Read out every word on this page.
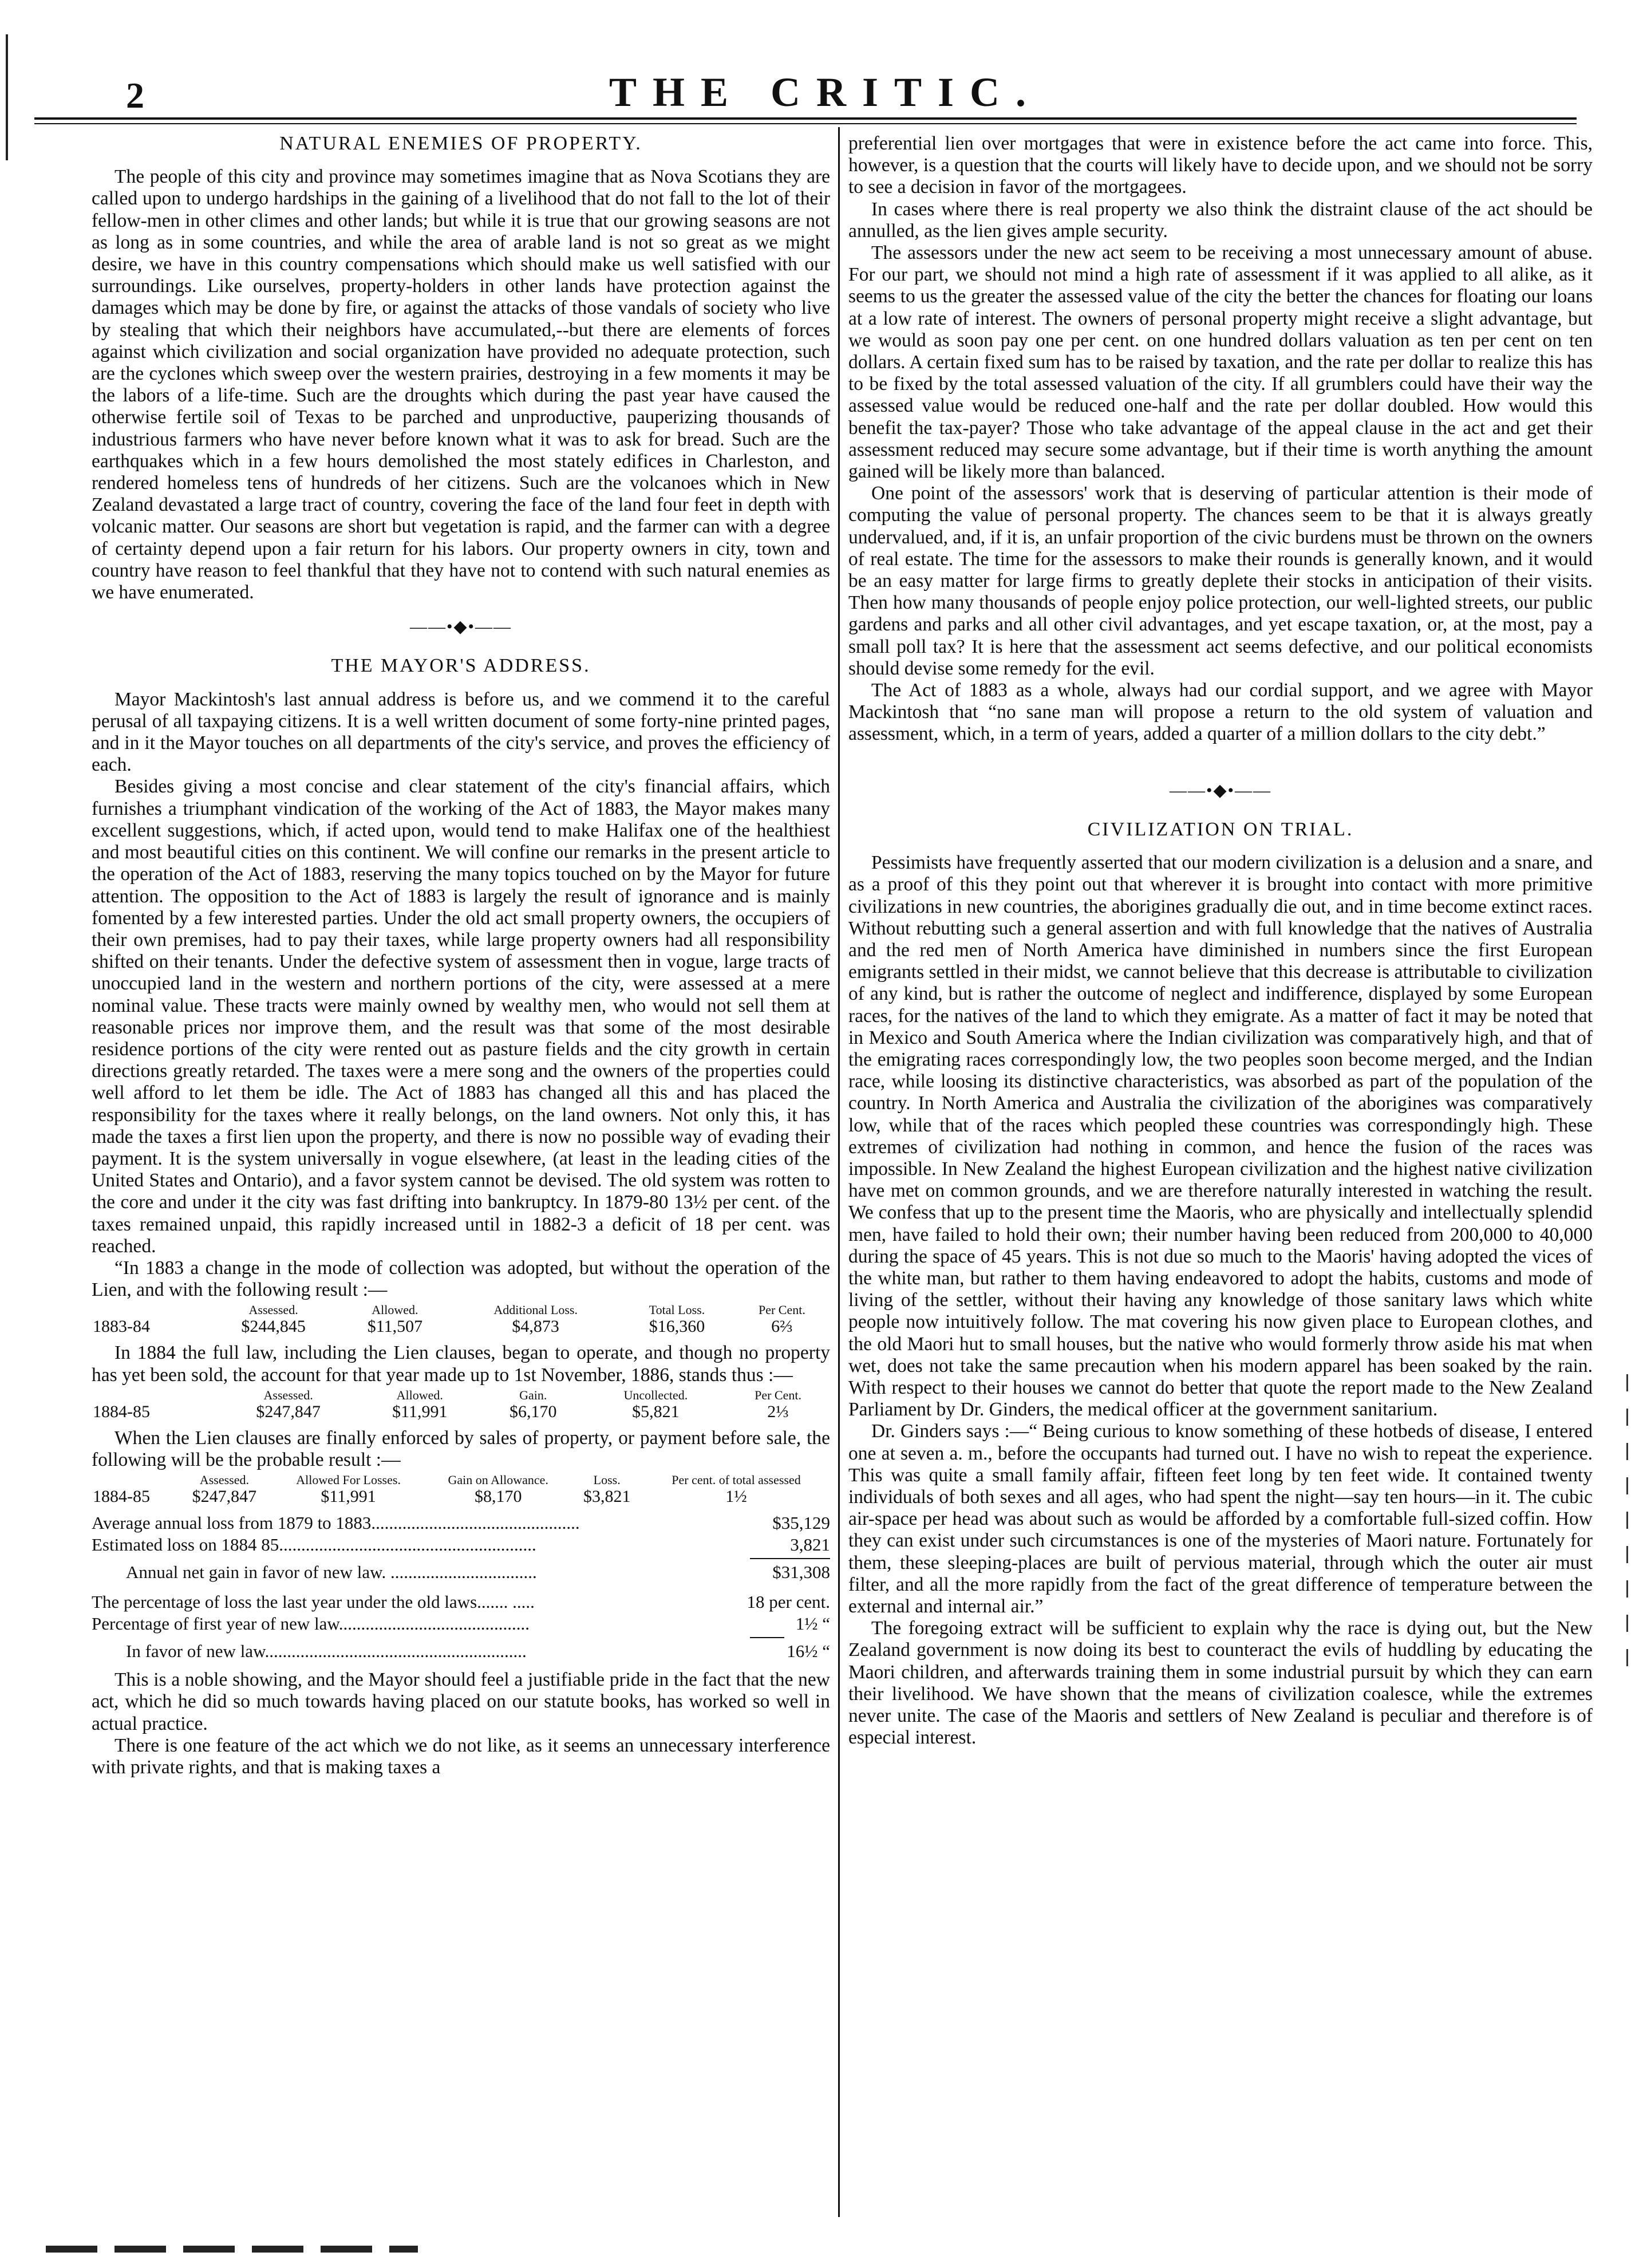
2	THE CRITIC.
NATURAL ENEMIES OF PROPERTY.

The people of this city and province may sometimes imagine that as Nova Scotians they are called upon to undergo hardships in the gaining of a livelihood that do not fall to the lot of their fellow-men in other climes and other lands; but while it is true that our growing seasons are not as long as in some countries, and while the area of arable land is not so great as we might desire, we have in this country compensations which should make us well satisfied with our surroundings. Like ourselves, property-holders in other lands have protection against the damages which may be done by fire, or against the attacks of those vandals of society who live by stealing that which their neighbors have accumulated,--but there are elements of forces against which civilization and social organization have provided no adequate protection, such are the cyclones which sweep over the western prairies, destroying in a few moments it may be the labors of a life-time. Such are the droughts which during the past year have caused the otherwise fertile soil of Texas to be parched and unproductive, pauperizing thousands of industrious farmers who have never before known what it was to ask for bread. Such are the earthquakes which in a few hours demolished the most stately edifices in Charleston, and rendered homeless tens of hundreds of her citizens. Such are the volcanoes which in New Zealand devastated a large tract of country, covering the face of the land four feet in depth with volcanic matter. Our seasons are short but vegetation is rapid, and the farmer can with a degree of certainty depend upon a fair return for his labors. Our property owners in city, town and country have reason to feel thankful that they have not to contend with such natural enemies as we have enumerated.

——•◆•——
THE MAYOR'S ADDRESS.

Mayor Mackintosh's last annual address is before us, and we commend it to the careful perusal of all taxpaying citizens. It is a well written document of some forty-nine printed pages, and in it the Mayor touches on all departments of the city's service, and proves the efficiency of each.

Besides giving a most concise and clear statement of the city's financial affairs, which furnishes a triumphant vindication of the working of the Act of 1883, the Mayor makes many excellent suggestions, which, if acted upon, would tend to make Halifax one of the healthiest and most beautiful cities on this continent. We will confine our remarks in the present article to the operation of the Act of 1883, reserving the many topics touched on by the Mayor for future attention. The opposition to the Act of 1883 is largely the result of ignorance and is mainly fomented by a few interested parties. Under the old act small property owners, the occupiers of their own premises, had to pay their taxes, while large property owners had all responsibility shifted on their tenants. Under the defective system of assessment then in vogue, large tracts of unoccupied land in the western and northern portions of the city, were assessed at a mere nominal value. These tracts were mainly owned by wealthy men, who would not sell them at reasonable prices nor improve them, and the result was that some of the most desirable residence portions of the city were rented out as pasture fields and the city growth in certain directions greatly retarded. The taxes were a mere song and the owners of the properties could well afford to let them be idle. The Act of 1883 has changed all this and has placed the responsibility for the taxes where it really belongs, on the land owners. Not only this, it has made the taxes a first lien upon the property, and there is now no possible way of evading their payment. It is the system universally in vogue elsewhere, (at least in the leading cities of the United States and Ontario), and a favor system cannot be devised. The old system was rotten to the core and under it the city was fast drifting into bankruptcy. In 1879-80 13½ per cent. of the taxes remained unpaid, this rapidly increased until in 1882-3 a deficit of 18 per cent. was reached.

“In 1883 a change in the mode of collection was adopted, but without the operation of the Lien, and with the following result :—

	Assessed.	Allowed.	Additional Loss.	Total Loss.	Per Cent.
1883-84	$244,845	$11,507	$4,873	$16,360	6⅔

In 1884 the full law, including the Lien clauses, began to operate, and though no property has yet been sold, the account for that year made up to 1st November, 1886, stands thus :—

	Assessed.	Allowed.	Gain.	Uncollected.	Per Cent.
1884-85	$247,847	$11,991	$6,170	$5,821	2⅓

When the Lien clauses are finally enforced by sales of property, or payment before sale, the following will be the probable result :—

	Assessed.	Allowed For Losses.	Gain on Allowance.	Loss.	Per cent. of total assessed
1884-85	$247,847	$11,991	$8,170	$3,821	1½
Average annual loss from 1879 to 1883...............................................	$35,129
Estimated loss on 1884 85..........................................................	3,821
Annual net gain in favor of new law. .................................	$31,308
The percentage of loss the last year under the old laws....... .....	18 per cent.
Percentage of first year of new law...........................................	1½ “
In favor of new law...........................................................	16½ “

This is a noble showing, and the Mayor should feel a justifiable pride in the fact that the new act, which he did so much towards having placed on our statute books, has worked so well in actual practice.

There is one feature of the act which we do not like, as it seems an unnecessary interference with private rights, and that is making taxes a

preferential lien over mortgages that were in existence before the act came into force. This, however, is a question that the courts will likely have to decide upon, and we should not be sorry to see a decision in favor of the mortgagees.

In cases where there is real property we also think the distraint clause of the act should be annulled, as the lien gives ample security.

The assessors under the new act seem to be receiving a most unnecessary amount of abuse. For our part, we should not mind a high rate of assessment if it was applied to all alike, as it seems to us the greater the assessed value of the city the better the chances for floating our loans at a low rate of interest. The owners of personal property might receive a slight advantage, but we would as soon pay one per cent. on one hundred dollars valuation as ten per cent on ten dollars. A certain fixed sum has to be raised by taxation, and the rate per dollar to realize this has to be fixed by the total assessed valuation of the city. If all grumblers could have their way the assessed value would be reduced one-half and the rate per dollar doubled. How would this benefit the tax-payer? Those who take advantage of the appeal clause in the act and get their assessment reduced may secure some advantage, but if their time is worth anything the amount gained will be likely more than balanced.

One point of the assessors' work that is deserving of particular attention is their mode of computing the value of personal property. The chances seem to be that it is always greatly undervalued, and, if it is, an unfair proportion of the civic burdens must be thrown on the owners of real estate. The time for the assessors to make their rounds is generally known, and it would be an easy matter for large firms to greatly deplete their stocks in anticipation of their visits. Then how many thousands of people enjoy police protection, our well-lighted streets, our public gardens and parks and all other civil advantages, and yet escape taxation, or, at the most, pay a small poll tax? It is here that the assessment act seems defective, and our political economists should devise some remedy for the evil.

The Act of 1883 as a whole, always had our cordial support, and we agree with Mayor Mackintosh that “no sane man will propose a return to the old system of valuation and assessment, which, in a term of years, added a quarter of a million dollars to the city debt.”

——•◆•——
CIVILIZATION ON TRIAL.

Pessimists have frequently asserted that our modern civilization is a delusion and a snare, and as a proof of this they point out that wherever it is brought into contact with more primitive civilizations in new countries, the aborigines gradually die out, and in time become extinct races. Without rebutting such a general assertion and with full knowledge that the natives of Australia and the red men of North America have diminished in numbers since the first European emigrants settled in their midst, we cannot believe that this decrease is attributable to civilization of any kind, but is rather the outcome of neglect and indifference, displayed by some European races, for the natives of the land to which they emigrate. As a matter of fact it may be noted that in Mexico and South America where the Indian civilization was comparatively high, and that of the emigrating races correspondingly low, the two peoples soon become merged, and the Indian race, while loosing its distinctive characteristics, was absorbed as part of the population of the country. In North America and Australia the civilization of the aborigines was comparatively low, while that of the races which peopled these countries was correspondingly high. These extremes of civilization had nothing in common, and hence the fusion of the races was impossible. In New Zealand the highest European civilization and the highest native civilization have met on common grounds, and we are therefore naturally interested in watching the result. We confess that up to the present time the Maoris, who are physically and intellectually splendid men, have failed to hold their own; their number having been reduced from 200,000 to 40,000 during the space of 45 years. This is not due so much to the Maoris' having adopted the vices of the white man, but rather to them having endeavored to adopt the habits, customs and mode of living of the settler, without their having any knowledge of those sanitary laws which white people now intuitively follow. The mat covering his now given place to European clothes, and the old Maori hut to small houses, but the native who would formerly throw aside his mat when wet, does not take the same precaution when his modern apparel has been soaked by the rain. With respect to their houses we cannot do better that quote the report made to the New Zealand Parliament by Dr. Ginders, the medical officer at the government sanitarium.

Dr. Ginders says :—“ Being curious to know something of these hotbeds of disease, I entered one at seven a. m., before the occupants had turned out. I have no wish to repeat the experience. This was quite a small family affair, fifteen feet long by ten feet wide. It contained twenty individuals of both sexes and all ages, who had spent the night—say ten hours—in it. The cubic air-space per head was about such as would be afforded by a comfortable full-sized coffin. How they can exist under such circumstances is one of the mysteries of Maori nature. Fortunately for them, these sleeping-places are built of pervious material, through which the outer air must filter, and all the more rapidly from the fact of the great difference of temperature between the external and internal air.”

The foregoing extract will be sufficient to explain why the race is dying out, but the New Zealand government is now doing its best to counteract the evils of huddling by educating the Maori children, and afterwards training them in some industrial pursuit by which they can earn their livelihood. We have shown that the means of civilization coalesce, while the extremes never unite. The case of the Maoris and settlers of New Zealand is peculiar and therefore is of especial interest.
